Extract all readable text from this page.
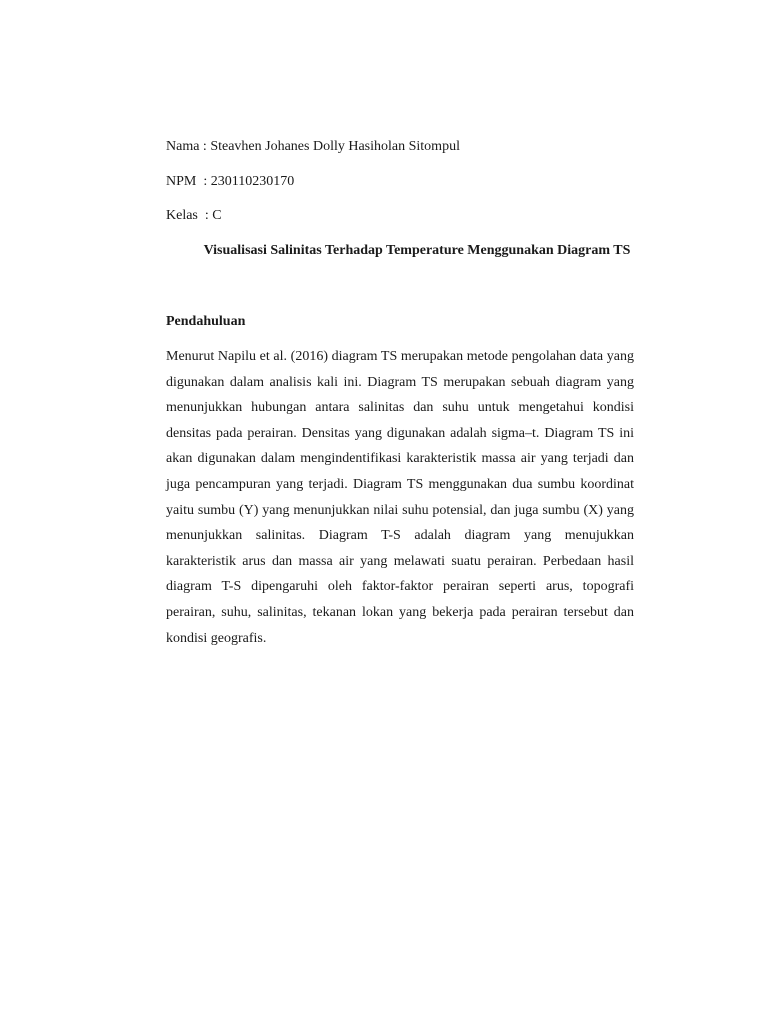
Nama : Steavhen Johanes Dolly Hasiholan Sitompul
NPM  : 230110230170
Kelas  : C
Visualisasi Salinitas Terhadap Temperature Menggunakan Diagram TS
Pendahuluan
Menurut Napilu et al. (2016) diagram TS merupakan metode pengolahan data yang digunakan dalam analisis kali ini. Diagram TS merupakan sebuah diagram yang menunjukkan hubungan antara salinitas dan suhu untuk mengetahui kondisi densitas pada perairan. Densitas yang digunakan adalah sigma–t. Diagram TS ini akan digunakan dalam mengindentifikasi karakteristik massa air yang terjadi dan juga pencampuran yang terjadi. Diagram TS menggunakan dua sumbu koordinat yaitu sumbu (Y) yang menunjukkan nilai suhu potensial, dan juga sumbu (X) yang menunjukkan salinitas. Diagram T-S adalah diagram yang menujukkan karakteristik arus dan massa air yang melawati suatu perairan. Perbedaan hasil diagram T-S dipengaruhi oleh faktor-faktor perairan seperti arus, topografi perairan, suhu, salinitas, tekanan lokan yang bekerja pada perairan tersebut dan kondisi geografis.
